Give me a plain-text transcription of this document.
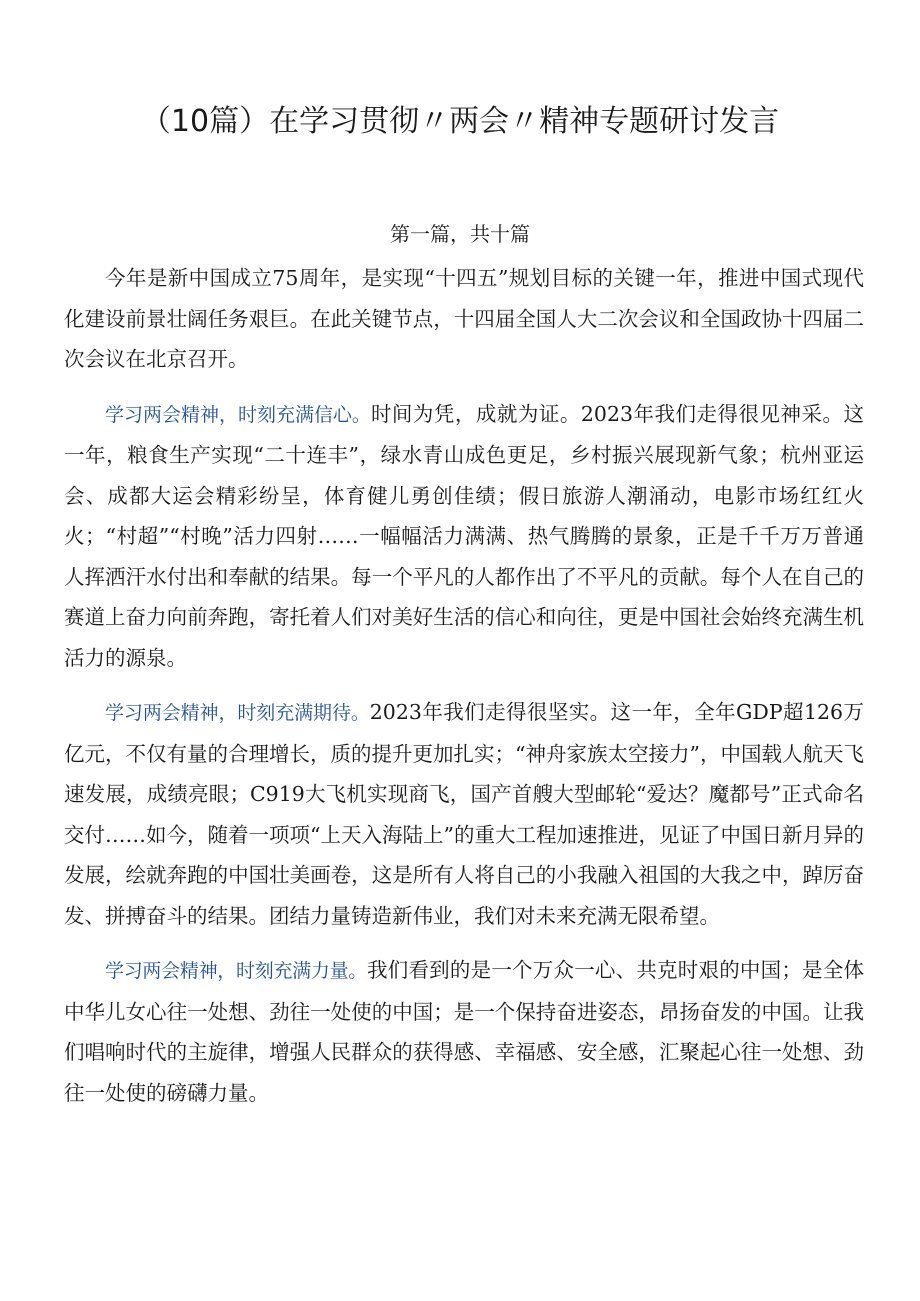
（10篇）在学习贯彻〃两会〃精神专题研讨发言
第一篇，共十篇

今年是新中国成立75周年，是实现“十四五”规划目标的关键一年，推进中国式现代化建设前景壮阔任务艰巨。在此关键节点，十四届全国人大二次会议和全国政协十四届二次会议在北京召开。

学习两会精神，时刻充满信心。时间为凭，成就为证。2023年我们走得很见神采。这一年，粮食生产实现“二十连丰”，绿水青山成色更足，乡村振兴展现新气象；杭州亚运会、成都大运会精彩纷呈，体育健儿勇创佳绩；假日旅游人潮涌动，电影市场红红火火；“村超”“村晚”活力四射……一幅幅活力满满、热气腾腾的景象，正是千千万万普通人挥洒汗水付出和奉献的结果。每一个平凡的人都作出了不平凡的贡献。每个人在自己的赛道上奋力向前奔跑，寄托着人们对美好生活的信心和向往，更是中国社会始终充满生机活力的源泉。

学习两会精神，时刻充满期待。2023年我们走得很坚实。这一年，全年GDP超126万亿元，不仅有量的合理增长，质的提升更加扎实；“神舟家族太空接力”，中国载人航天飞速发展，成绩亮眼；C919大飞机实现商飞，国产首艘大型邮轮“爱达？魔都号”正式命名交付……如今，随着一项项“上天入海陆上”的重大工程加速推进，见证了中国日新月异的发展，绘就奔跑的中国壮美画卷，这是所有人将自己的小我融入祖国的大我之中，踔厉奋发、拼搏奋斗的结果。团结力量铸造新伟业，我们对未来充满无限希望。

学习两会精神，时刻充满力量。我们看到的是一个万众一心、共克时艰的中国；是全体中华儿女心往一处想、劲往一处使的中国；是一个保持奋进姿态，昂扬奋发的中国。让我们唱响时代的主旋律，增强人民群众的获得感、幸福感、安全感，汇聚起心往一处想、劲往一处使的磅礴力量。
